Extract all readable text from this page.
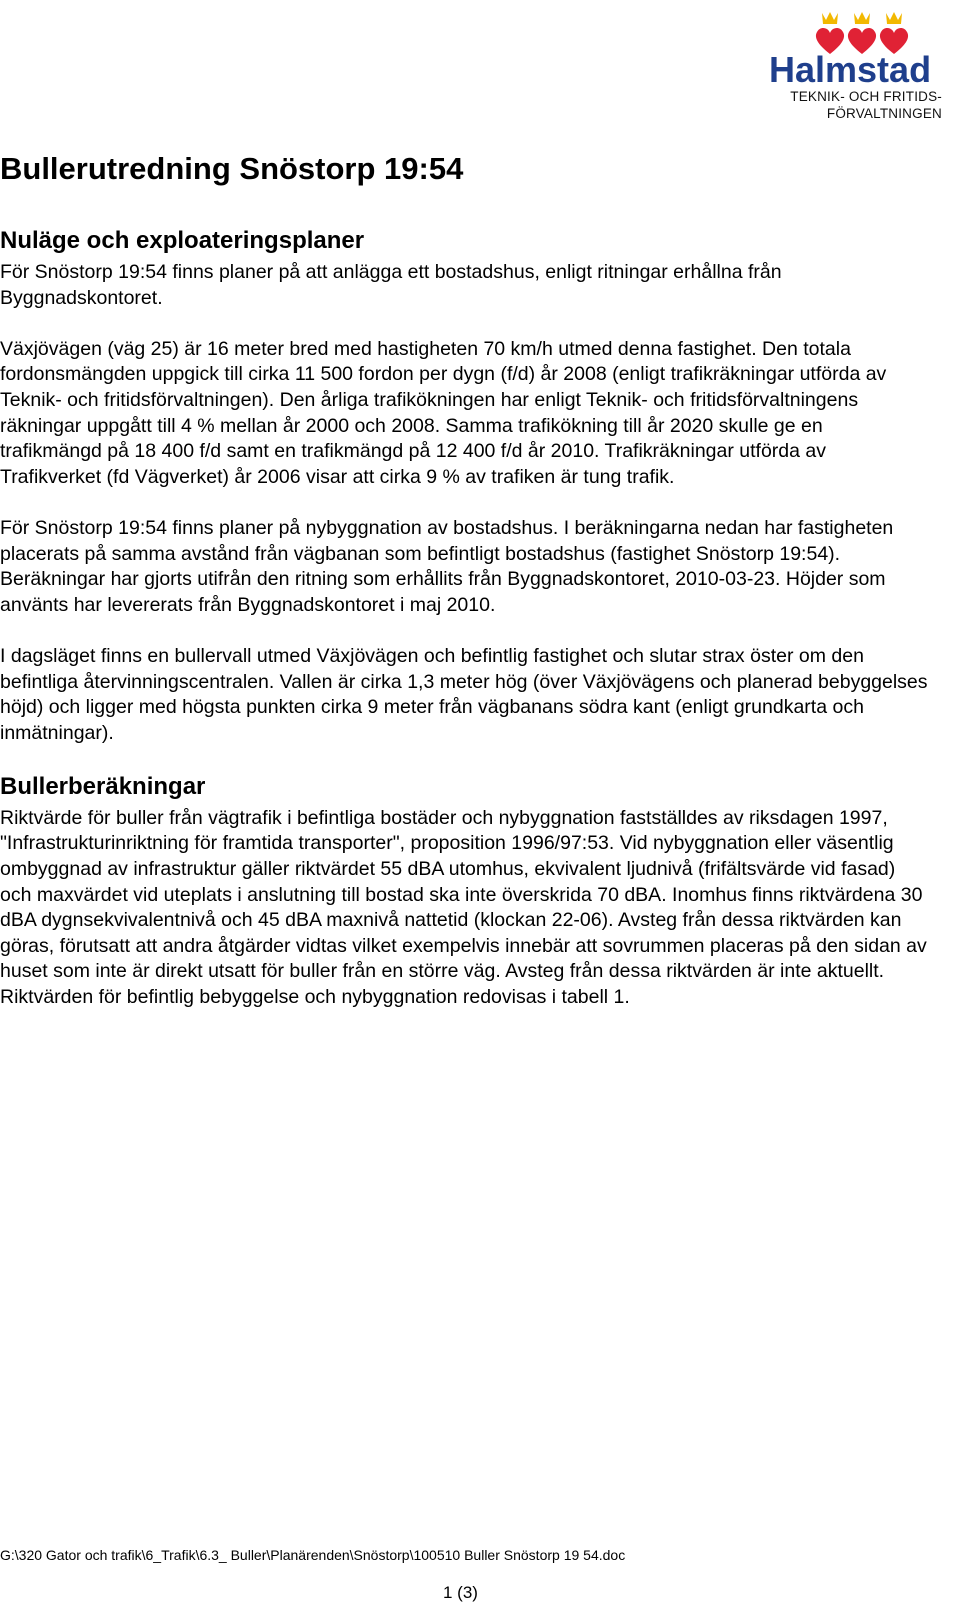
Halmstad
TEKNIK- OCH FRITIDS-
FÖRVALTNINGEN
Bullerutredning Snöstorp 19:54
Nuläge och exploateringsplaner

För Snöstorp 19:54 finns planer på att anlägga ett bostadshus, enligt ritningar erhållna från Byggnadskontoret.

Växjövägen (väg 25) är 16 meter bred med hastigheten 70 km/h utmed denna fastighet. Den totala fordonsmängden uppgick till cirka 11 500 fordon per dygn (f/d) år 2008 (enligt trafikräkningar utförda av Teknik- och fritidsförvaltningen). Den årliga trafikökningen har enligt Teknik- och fritidsförvaltningens räkningar uppgått till 4 % mellan år 2000 och 2008. Samma trafikökning till år 2020 skulle ge en trafikmängd på 18 400 f/d samt en trafikmängd på 12 400 f/d år 2010. Trafikräkningar utförda av Trafikverket (fd Vägverket) år 2006 visar att cirka 9 % av trafiken är tung trafik.

För Snöstorp 19:54 finns planer på nybyggnation av bostadshus. I beräkningarna nedan har fastigheten placerats på samma avstånd från vägbanan som befintligt bostadshus (fastighet Snöstorp 19:54). Beräkningar har gjorts utifrån den ritning som erhållits från Byggnadskontoret, 2010-03-23. Höjder som använts har levererats från Byggnadskontoret i maj 2010.

I dagsläget finns en bullervall utmed Växjövägen och befintlig fastighet och slutar strax öster om den befintliga återvinningscentralen. Vallen är cirka 1,3 meter hög (över Växjövägens och planerad bebyggelses höjd) och ligger med högsta punkten cirka 9 meter från vägbanans södra kant (enligt grundkarta och inmätningar).

Bullerberäkningar

Riktvärde för buller från vägtrafik i befintliga bostäder och nybyggnation fastställdes av riksdagen 1997, "Infrastrukturinriktning för framtida transporter", proposition 1996/97:53. Vid nybyggnation eller väsentlig ombyggnad av infrastruktur gäller riktvärdet 55 dBA utomhus, ekvivalent ljudnivå (frifältsvärde vid fasad) och maxvärdet vid uteplats i anslutning till bostad ska inte överskrida 70 dBA. Inomhus finns riktvärdena 30 dBA dygnsekvivalentnivå och 45 dBA maxnivå nattetid (klockan 22-06). Avsteg från dessa riktvärden kan göras, förutsatt att andra åtgärder vidtas vilket exempelvis innebär att sovrummen placeras på den sidan av huset som inte är direkt utsatt för buller från en större väg. Avsteg från dessa riktvärden är inte aktuellt. Riktvärden för befintlig bebyggelse och nybyggnation redovisas i tabell 1.

G:\320 Gator och trafik\6_Trafik\6.3_ Buller\Planärenden\Snöstorp\100510 Buller Snöstorp 19 54.doc
1 (3)
